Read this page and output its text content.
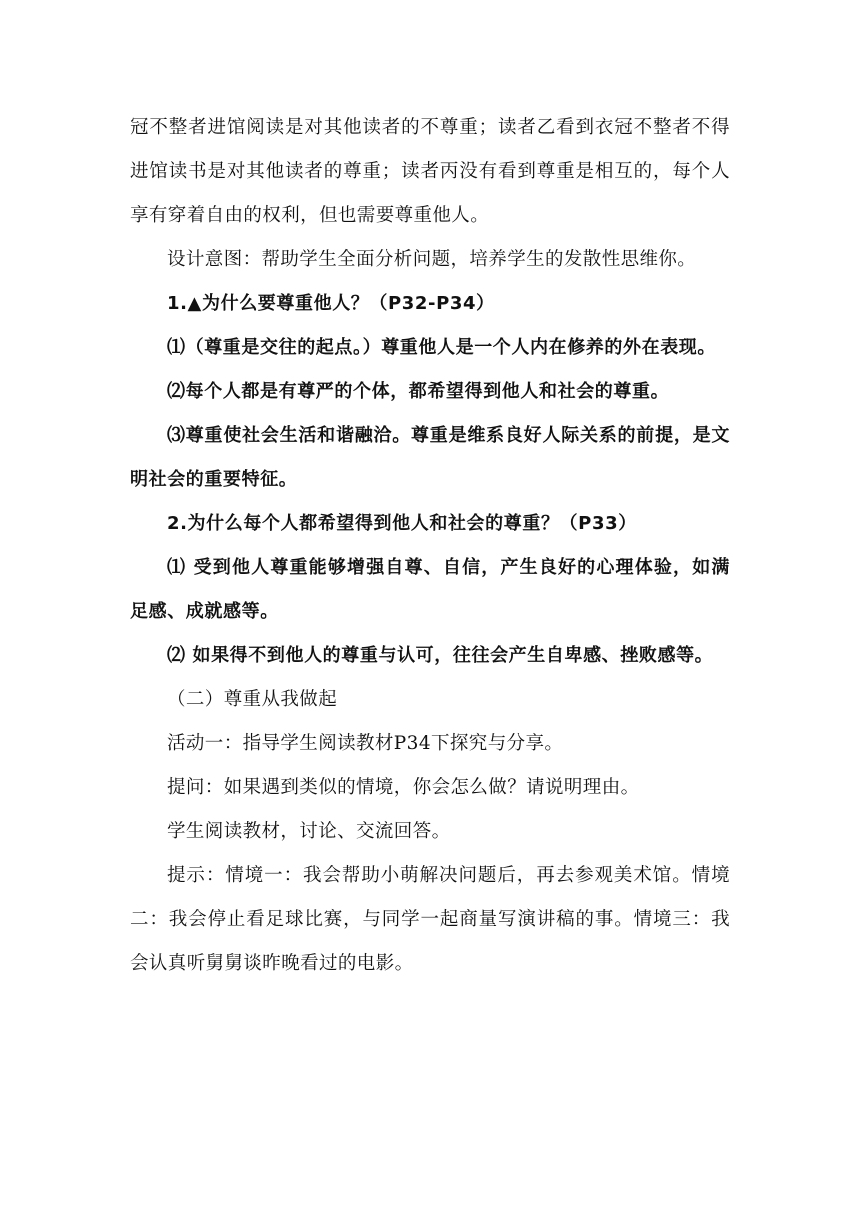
冠不整者进馆阅读是对其他读者的不尊重；读者乙看到衣冠不整者不得进馆读书是对其他读者的尊重；读者丙没有看到尊重是相互的，每个人享有穿着自由的权利，但也需要尊重他人。

设计意图：帮助学生全面分析问题，培养学生的发散性思维你。

1.▲为什么要尊重他人？（P32-P34）

⑴（尊重是交往的起点。）尊重他人是一个人内在修养的外在表现。

⑵每个人都是有尊严的个体，都希望得到他人和社会的尊重。

⑶尊重使社会生活和谐融洽。尊重是维系良好人际关系的前提，是文明社会的重要特征。

2.为什么每个人都希望得到他人和社会的尊重？（P33）

⑴ 受到他人尊重能够增强自尊、自信，产生良好的心理体验，如满足感、成就感等。

⑵ 如果得不到他人的尊重与认可，往往会产生自卑感、挫败感等。

（二）尊重从我做起

活动一：指导学生阅读教材P34下探究与分享。

提问：如果遇到类似的情境，你会怎么做？请说明理由。

学生阅读教材，讨论、交流回答。

提示：情境一：我会帮助小萌解决问题后，再去参观美术馆。情境二：我会停止看足球比赛，与同学一起商量写演讲稿的事。情境三：我会认真听舅舅谈昨晚看过的电影。
